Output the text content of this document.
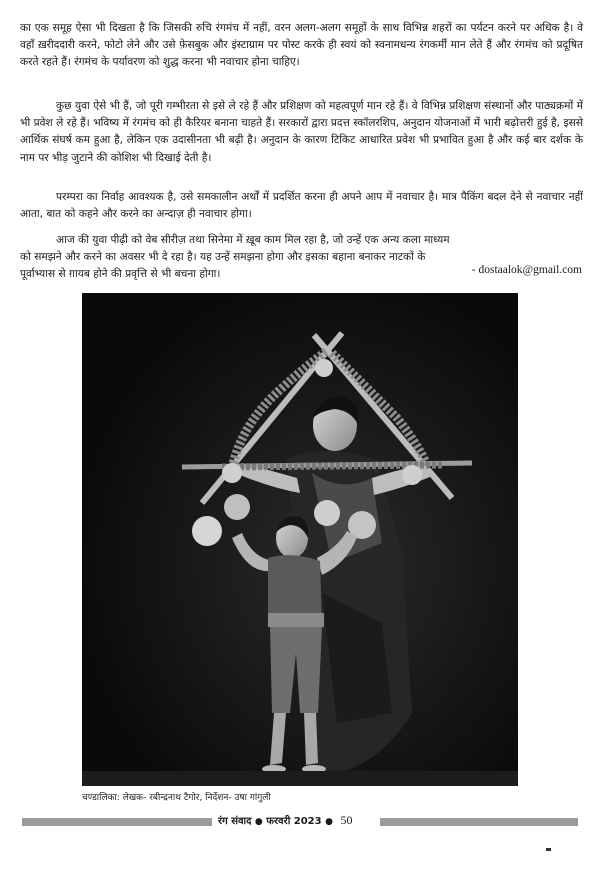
का एक समूह ऐसा भी दिखता है कि जिसकी रुचि रंगमंच में नहीं, वरन अलग-अलग समूहों के साथ विभिन्न शहरों का पर्यटन करने पर अधिक है। वे वहाँ ख़रीददारी करने, फोटो लेने और उसे फ़ेसबुक और इंस्टाग्राम पर पोस्ट करके ही स्वयं को स्वनामधन्य रंगकर्मी मान लेते हैं और रंगमंच को प्रदूषित करते रहते हैं। रंगमंच के पर्यावरण को शुद्ध करना भी नवाचार होना चाहिए।

कुछ युवा ऐसे भी हैं, जो पूरी गम्भीरता से इसे ले रहे हैं और प्रशिक्षण को महत्वपूर्ण मान रहे हैं। वे विभिन्न प्रशिक्षण संस्थानों और पाठ्यक्रमों में भी प्रवेश ले रहे हैं। भविष्य में रंगमंच को ही कैरियर बनाना चाहते हैं। सरकारों द्वारा प्रदत्त स्कॉलरशिप, अनुदान योजनाओं में भारी बढ़ोत्तरी हुई है, इससे आर्थिक संघर्ष कम हुआ है, लेकिन एक उदासीनता भी बढ़ी है। अनुदान के कारण टिकिट आधारित प्रवेश भी प्रभावित हुआ है और कई बार दर्शक के नाम पर भीड़ जुटाने की कोशिश भी दिखाई देती है।

परम्परा का निर्वाह आवश्यक है, उसे समकालीन अर्थों में प्रदर्शित करना ही अपने आप में नवाचार है। मात्र पैकिंग बदल देने से नवाचार नहीं आता, बात को कहने और करने का अन्दाज़ ही नवाचार होगा।

आज की युवा पीढ़ी को वेब सीरीज़ तथा सिनेमा में ख़ूब काम मिल रहा है, जो उन्हें एक अन्य कला माध्यम को समझने और करने का अवसर भी दे रहा है। यह उन्हें समझना होगा और इसका बहाना बनाकर नाटकों के पूर्वाभ्यास से ग़ायब होने की प्रवृत्ति से भी बचना होगा।	- dostaalok@gmail.com
चण्डालिका: लेखक- रबीन्द्रनाथ टैगोर, निर्देशन- उषा गांगुली
रंग संवाद ● फरवरी 2023 ● 50
